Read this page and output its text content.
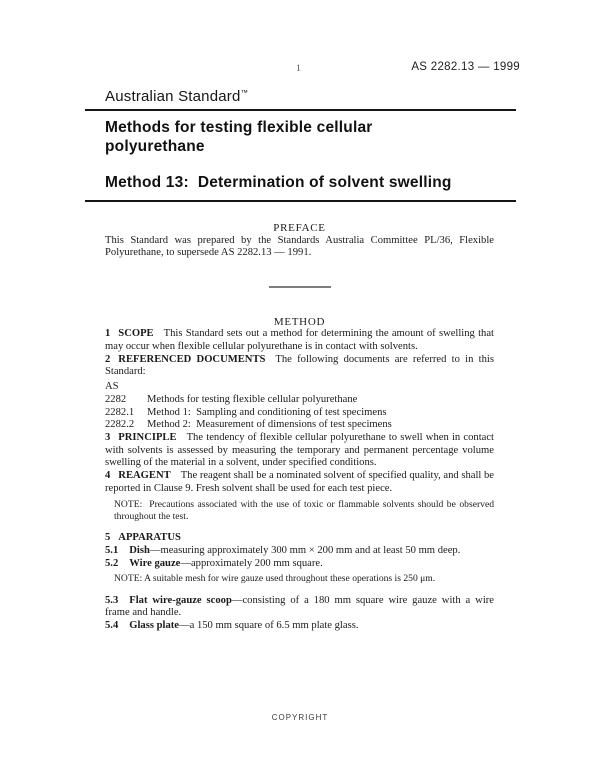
1	AS 2282.13 — 1999
Australian Standard™
Methods for testing flexible cellular
polyurethane
Method 13:  Determination of solvent swelling

PREFACE

This Standard was prepared by the Standards Australia Committee PL/36, Flexible Polyurethane, to supersede AS 2282.13 — 1991.

METHOD

1 SCOPE This Standard sets out a method for determining the amount of swelling that may occur when flexible cellular polyurethane is in contact with solvents.

2 REFERENCED DOCUMENTS The following documents are referred to in this Standard:

AS

2282 Methods for testing flexible cellular polyurethane

2282.1 Method 1:  Sampling and conditioning of test specimens

2282.2 Method 2:  Measurement of dimensions of test specimens

3 PRINCIPLE The tendency of flexible cellular polyurethane to swell when in contact with solvents is assessed by measuring the temporary and permanent percentage volume swelling of the material in a solvent, under specified conditions.

4 REAGENT The reagent shall be a nominated solvent of specified quality, and shall be reported in Clause 9. Fresh solvent shall be used for each test piece.

NOTE:  Precautions associated with the use of toxic or flammable solvents should be observed throughout the test.

5 APPARATUS

5.1 Dish—measuring approximately 300 mm × 200 mm and at least 50 mm deep.

5.2 Wire gauze—approximately 200 mm square.

NOTE: A suitable mesh for wire gauze used throughout these operations is 250 μm.

5.3 Flat wire-gauze scoop—consisting of a 180 mm square wire gauze with a wire frame and handle.

5.4 Glass plate—a 150 mm square of 6.5 mm plate glass.

COPYRIGHT
